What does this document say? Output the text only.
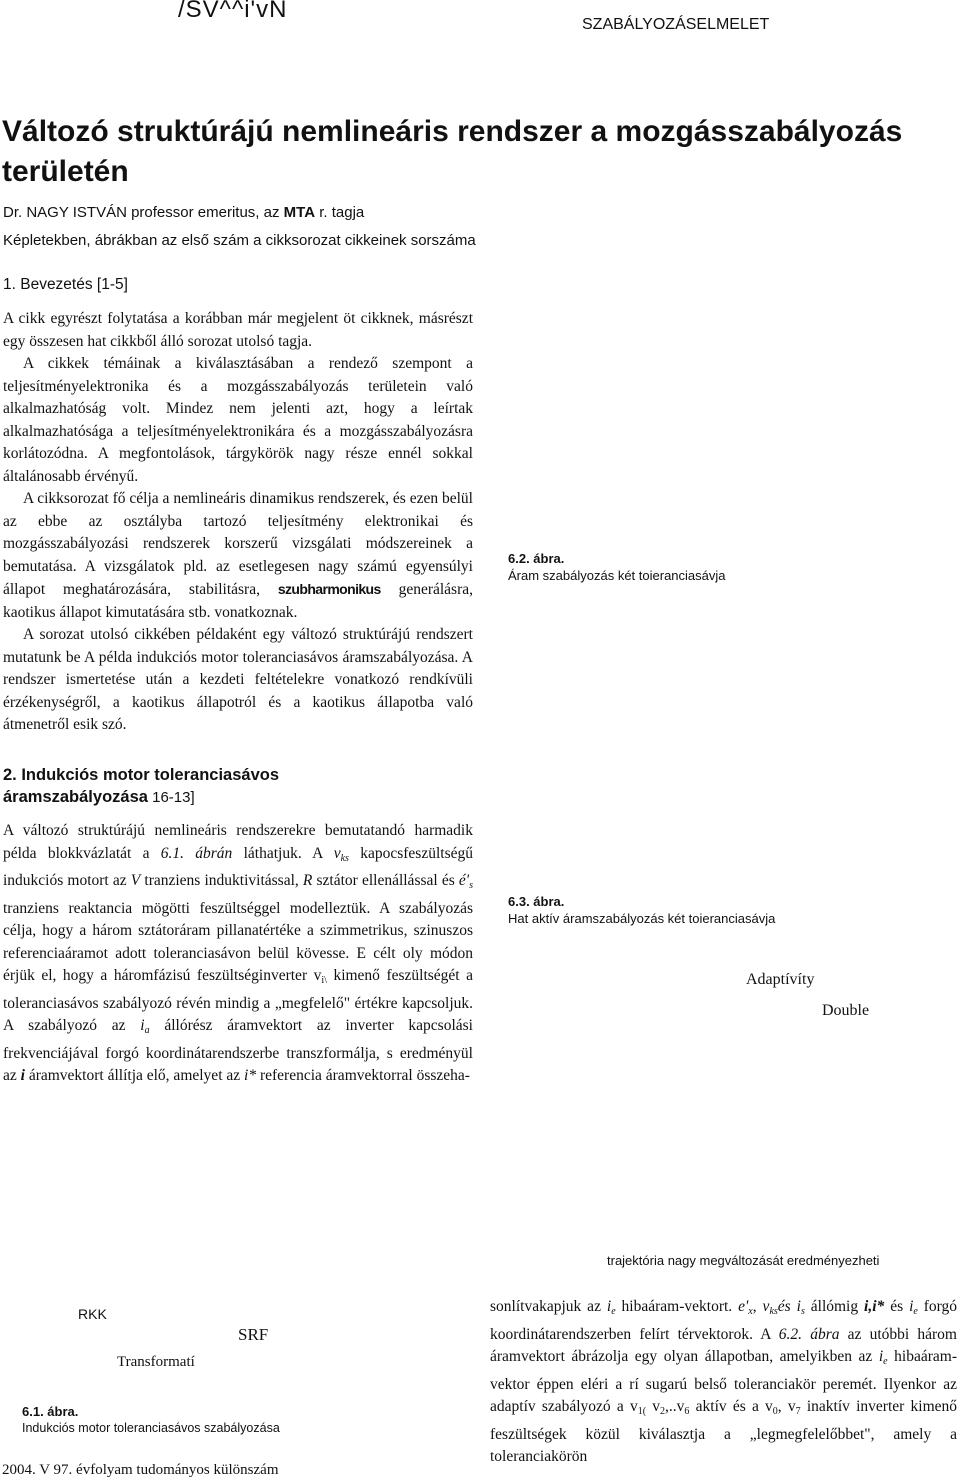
/SV^^i'vN
SZABÁLYOZÁSELMELET
Változó struktúrájú nemlineáris rendszer a mozgásszabályozás
területén
Dr. NAGY ISTVÁN professor emeritus, az MTA r. tagja
Képletekben, ábrákban az első szám a cikksorozat cikkeinek sorszáma
1. Bevezetés [1-5]

A cikk egyrészt folytatása a korábban már megjelent öt cikknek, másrészt egy összesen hat cikkből álló sorozat utolsó tagja.

A cikkek témáinak a kiválasztásában a rendező szempont a teljesítményelektronika és a mozgásszabályozás területein való alkalmazhatóság volt. Mindez nem jelenti azt, hogy a leírtak alkalmazhatósága a teljesítményelektronikára és a mozgásszabályozásra korlátozódna. A megfontolások, tárgykörök nagy része ennél sokkal általánosabb érvényű.

A cikksorozat fő célja a nemlineáris dinamikus rendszerek, és ezen belül az ebbe az osztályba tartozó teljesítmény elektronikai és mozgásszabályozási rendszerek korszerű vizsgálati módszereinek a bemutatása. A vizsgálatok pld. az esetlegesen nagy számú egyensúlyi állapot meghatározására, stabilitásra, szubharmonikus generálásra, kaotikus állapot kimutatására stb. vonatkoznak.

A sorozat utolsó cikkében példaként egy változó struktúrájú rendszert mutatunk be A példa indukciós motor toleranciasávos áramszabályozása. A rendszer ismertetése után a kezdeti feltételekre vonatkozó rendkívüli érzékenységről, a kaotikus állapotról és a kaotikus állapotba való átmenetről esik szó.

6.2. ábra.
Áram szabályozás két toieranciasávja
2. Indukciós motor toleranciasávos
áramszabályozása 16-13]

A változó struktúrájú nemlineáris rendszerekre bemutatandó harmadik példa blokkvázlatát a 6.1. ábrán láthatjuk. A $v_{ks}$ kapocsfeszültségű indukciós motort az V tranziens induktivitással, R sztátor ellenállással és $é'_s$ tranziens reaktancia mögötti feszültséggel modelleztük. A szabályozás célja, hogy a három sztátoráram pillanatértéke a szimmetrikus, szinuszos referenciaáramot adott toleranciasávon belül kövesse. E célt oly módon érjük el, hogy a háromfázisú feszültséginverter $v_{i\backslash}$ kimenő feszültségét a toleranciasávos szabályozó révén mindig a „megfelelő" értékre kapcsoljuk. A szabályozó az $i_a$ állórész áramvektort az inverter kapcsolási frekvenciájával forgó koordinátarendszerbe transzformálja, s eredményül az i áramvektort állítja elő, amelyet az i* referencia áramvektorral összeha-

6.3. ábra.
Hat aktív áramszabályozás két toieranciasávja
Adaptívíty
Double
trajektória nagy megváltozását eredményezheti
RKK
SRF
Transformatí
6.1. ábra.
Indukciós motor toleranciasávos szabályozása

sonlítvakapjuk az $i_e$ hibaáram-vektort. $e'_x$, $v_{ks}és$ $i_s$ állómig i,i* és $i_e$ forgó koordinátarendszerben felírt térvektorok. A 6.2. ábra az utóbbi három áramvektort ábrázolja egy olyan állapotban, amelyikben az $i_e$ hibaáram-vektor éppen eléri a rí sugarú belső toleranciakör peremét. Ilyenkor az adaptív szabályozó a $v_{1(}$ $v_2,..v_6$ aktív és a $v_0$, $v_7$ inaktív inverter kimenő feszültségek közül kiválasztja a „legmegfelelőbbet", amely a toleranciakörön

2004. V 97. évfolyam tudományos különszám
